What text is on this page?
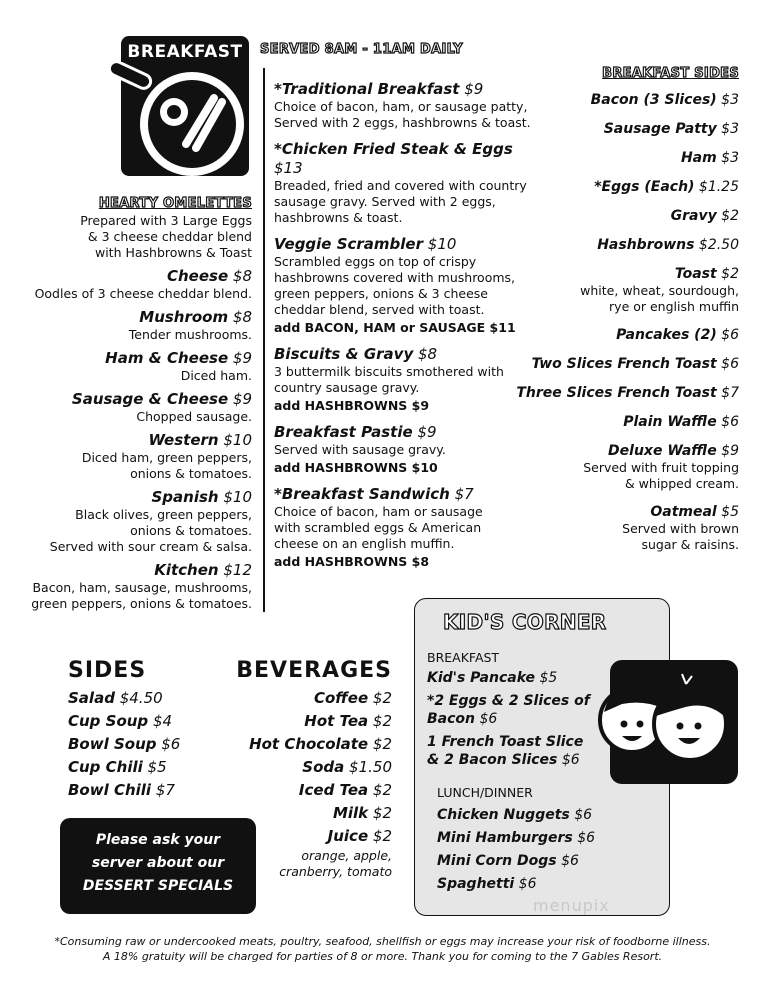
BREAKFAST	SERVED 8AM - 11AM DAILY
HEARTY OMELETTES
Prepared with 3 Large Eggs
& 3 cheese cheddar blend
with Hashbrowns & Toast
Cheese $8
Oodles of 3 cheese cheddar blend.
Mushroom $8
Tender mushrooms.
Ham & Cheese $9
Diced ham.
Sausage & Cheese $9
Chopped sausage.
Western $10
Diced ham, green peppers,
onions & tomatoes.
Spanish $10
Black olives, green peppers,
onions & tomatoes.
Served with sour cream & salsa.
Kitchen $12
Bacon, ham, sausage, mushrooms,
green peppers, onions & tomatoes.
*Traditional Breakfast $9
Choice of bacon, ham, or sausage patty,
Served with 2 eggs, hashbrowns & toast.
*Chicken Fried Steak & Eggs $13
Breaded, fried and covered with country
sausage gravy. Served with 2 eggs,
hashbrowns & toast.
Veggie Scrambler $10
Scrambled eggs on top of crispy
hashbrowns covered with mushrooms,
green peppers, onions & 3 cheese
cheddar blend, served with toast.
add BACON, HAM or SAUSAGE $11
Biscuits & Gravy $8
3 buttermilk biscuits smothered with
country sausage gravy.
add HASHBROWNS $9
Breakfast Pastie $9
Served with sausage gravy.
add HASHBROWNS $10
*Breakfast Sandwich $7
Choice of bacon, ham or sausage
with scrambled eggs & American
cheese on an english muffin.
add HASHBROWNS $8
BREAKFAST SIDES
Bacon (3 Slices) $3
Sausage Patty $3
Ham $3
*Eggs (Each) $1.25
Gravy $2
Hashbrowns $2.50
Toast $2
white, wheat, sourdough,
rye or english muffin
Pancakes (2) $6
Two Slices French Toast $6
Three Slices French Toast $7
Plain Waffle $6
Deluxe Waffle $9
Served with fruit topping
& whipped cream.
Oatmeal $5
Served with brown
sugar & raisins.
SIDES
Salad $4.50
Cup Soup $4
Bowl Soup $6
Cup Chili $5
Bowl Chili $7
BEVERAGES
Coffee $2
Hot Tea $2
Hot Chocolate $2
Soda $1.50
Iced Tea $2
Milk $2
Juice $2
orange, apple,
cranberry, tomato
Please ask your
server about our
DESSERT SPECIALS
KID'S CORNER
BREAKFAST
Kid's Pancake $5
*2 Eggs & 2 Slices of Bacon $6
1 French Toast Slice & 2 Bacon Slices $6
LUNCH/DINNER
Chicken Nuggets $6
Mini Hamburgers $6
Mini Corn Dogs $6
Spaghetti $6
menupix
*Consuming raw or undercooked meats, poultry, seafood, shellfish or eggs may increase your risk of foodborne illness.
A 18% gratuity will be charged for parties of 8 or more. Thank you for coming to the 7 Gables Resort.
